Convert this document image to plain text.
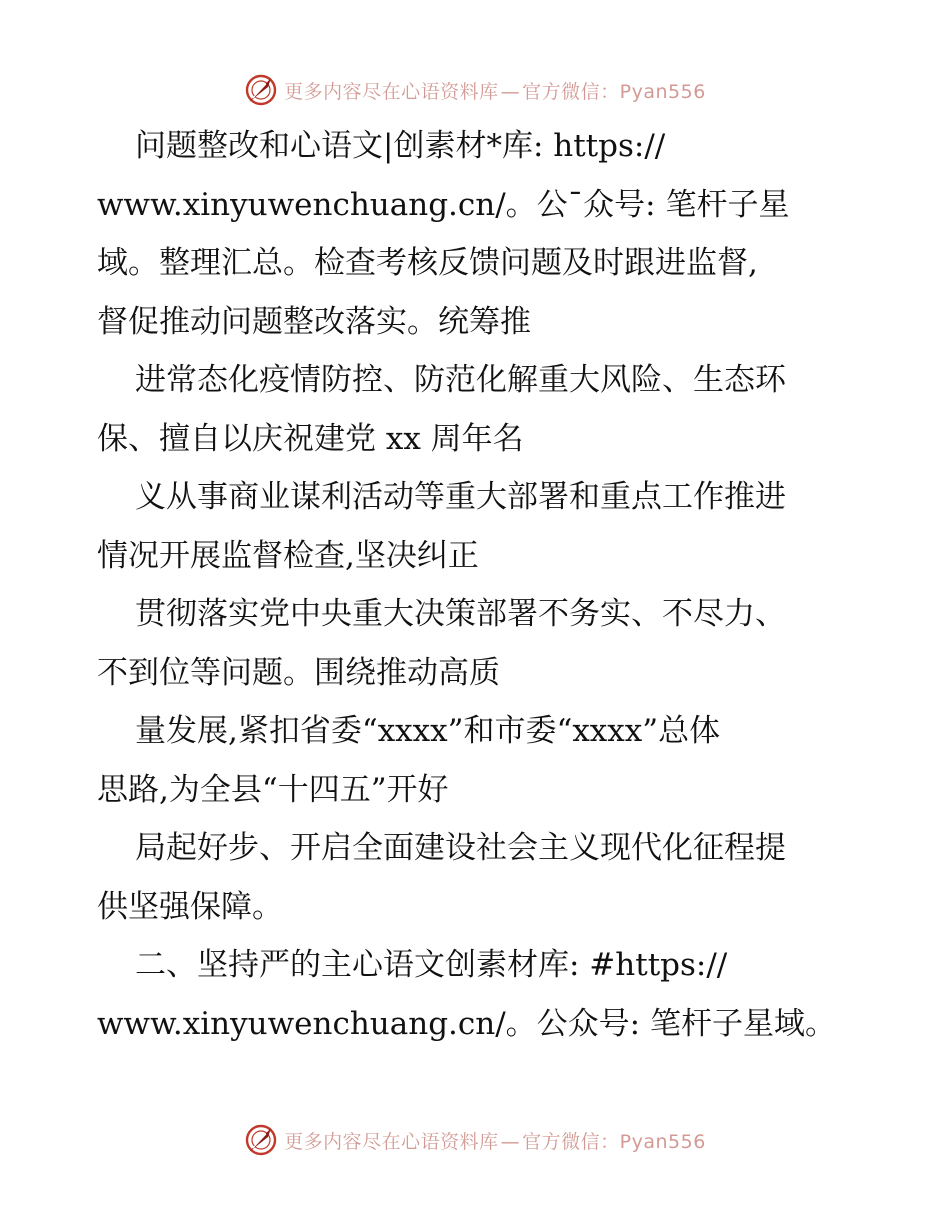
更多内容尽在心语资料库 — 官方微信：Pyan556
问题整改和心语文|创素材*库: https://
www.xinyuwenchuang.cn/。公¯众号: 笔杆子星
域。整理汇总。检查考核反馈问题及时跟进监督,
督促推动问题整改落实。统筹推
进常态化疫情防控、防范化解重大风险、生态环
保、擅自以庆祝建党 xx 周年名
义从事商业谋利活动等重大部署和重点工作推进
情况开展监督检查,坚决纠正
贯彻落实党中央重大决策部署不务实、不尽力、
不到位等问题。围绕推动高质
量发展,紧扣省委“xxxx”和市委“xxxx”总体
思路,为全县“十四五”开好
局起好步、开启全面建设社会主义现代化征程提
供坚强保障。
二、坚持严的主心语文创素材库: #https://
www.xinyuwenchuang.cn/。公众号: 笔杆子星域。
更多内容尽在心语资料库 — 官方微信：Pyan556
